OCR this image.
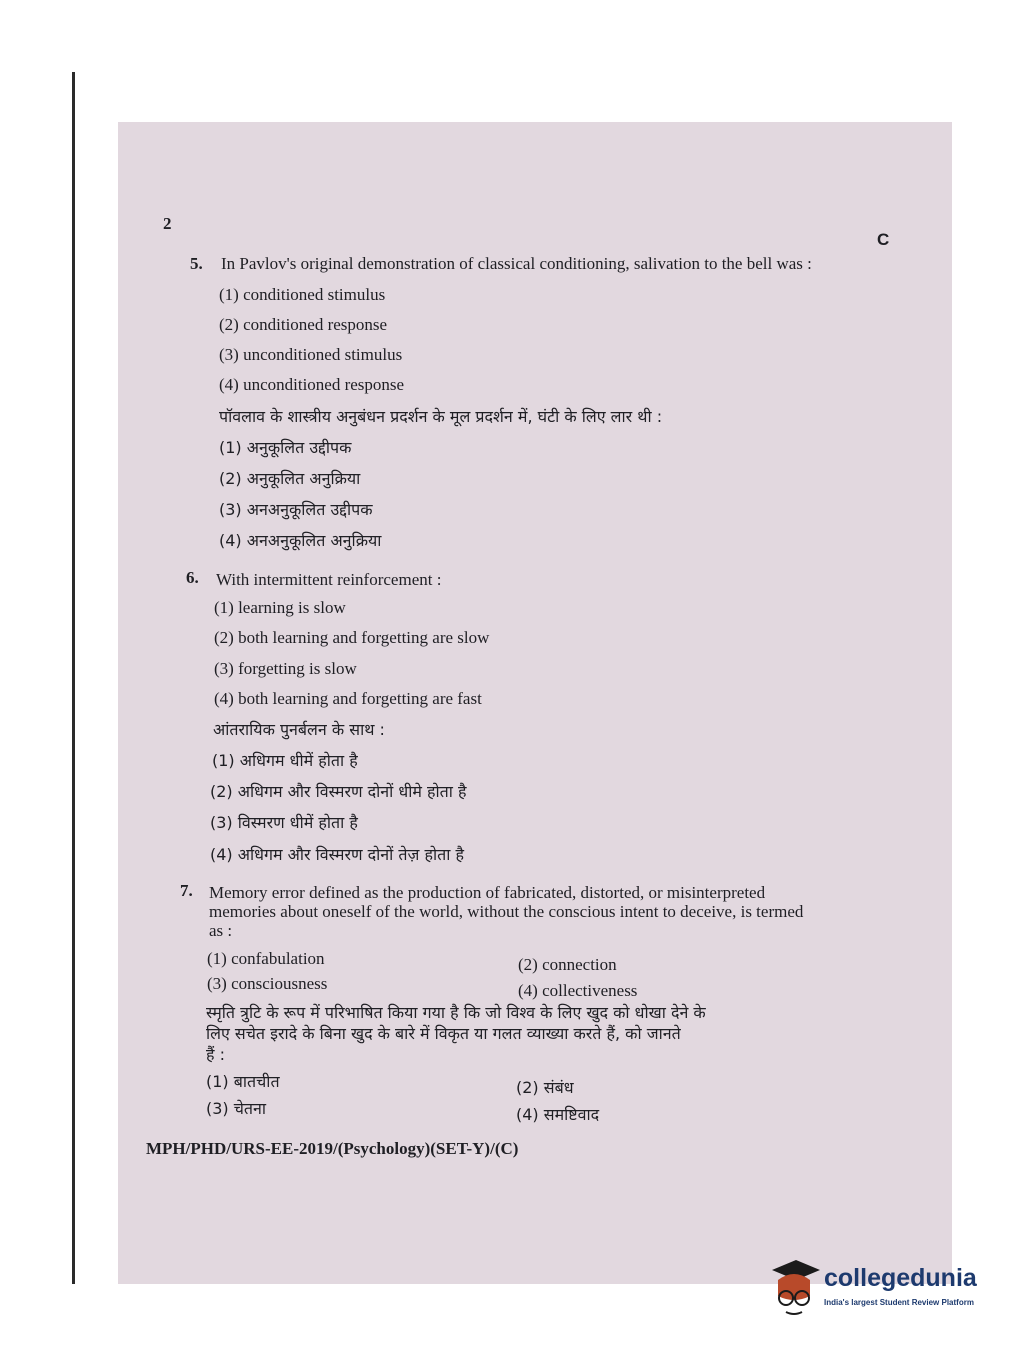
2
C
5. In Pavlov's original demonstration of classical conditioning, salivation to the bell was :
(1) conditioned stimulus
(2) conditioned response
(3) unconditioned stimulus
(4) unconditioned response
पॉवलाव के शास्त्रीय अनुबंधन प्रदर्शन के मूल प्रदर्शन में, घंटी के लिए लार थी :
(1) अनुकूलित उद्दीपक
(2) अनुकूलित अनुक्रिया
(3) अनअनुकूलित उद्दीपक
(4) अनअनुकूलित अनुक्रिया
6. With intermittent reinforcement :
(1) learning is slow
(2) both learning and forgetting are slow
(3) forgetting is slow
(4) both learning and forgetting are fast
आंतरायिक पुनर्बलन के साथ :
(1) अधिगम धीमें होता है
(2) अधिगम और विस्मरण दोनों धीमे होता है
(3) विस्मरण धीमें होता है
(4) अधिगम और विस्मरण दोनों तेज़ होता है
7. Memory error defined as the production of fabricated, distorted, or misinterpreted
memories about oneself of the world, without the conscious intent to deceive, is termed
as :
(1) confabulation	(2) connection
(3) consciousness	(4) collectiveness
स्मृति त्रुटि के रूप में परिभाषित किया गया है कि जो विश्व के लिए खुद को धोखा देने के
लिए सचेत इरादे के बिना खुद के बारे में विकृत या गलत व्याख्या करते हैं, को जानते
हैं :
(1) बातचीत	(2) संबंध
(3) चेतना	(4) समष्टिवाद
MPH/PHD/URS-EE-2019/(Psychology)(SET-Y)/(C)
collegedunia
India's largest Student Review Platform
